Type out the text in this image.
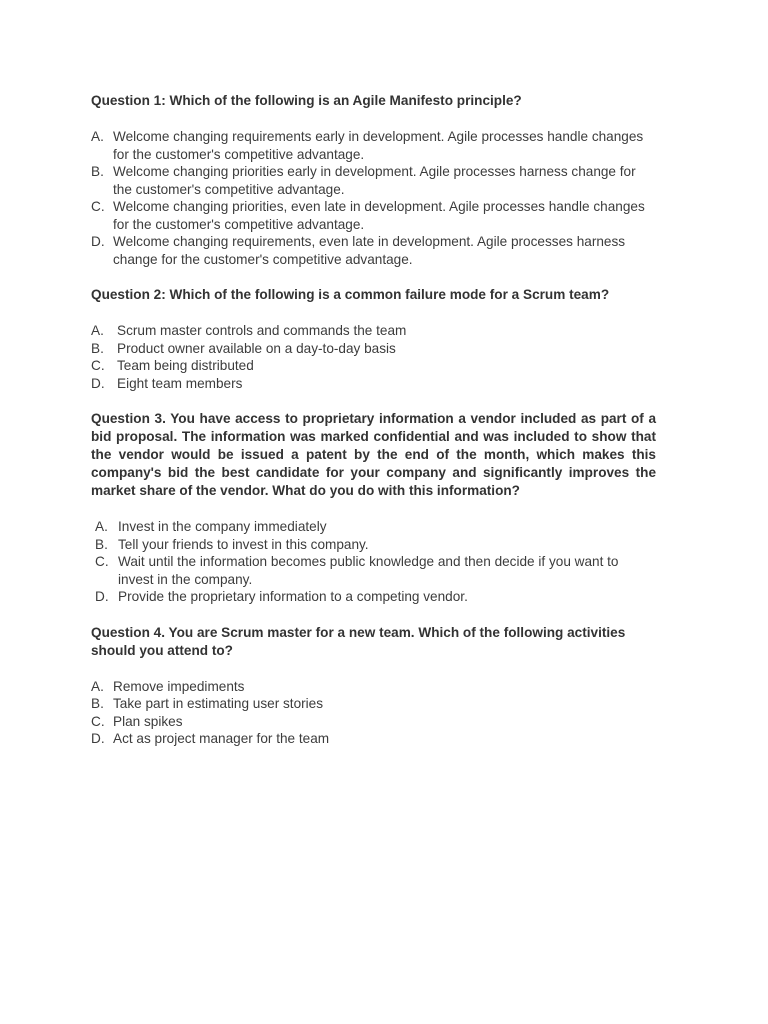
Question 1: Which of the following is an Agile Manifesto principle?
A. Welcome changing requirements early in development. Agile processes handle changes for the customer's competitive advantage.
B. Welcome changing priorities early in development. Agile processes harness change for the customer's competitive advantage.
C. Welcome changing priorities, even late in development. Agile processes handle changes for the customer's competitive advantage.
D. Welcome changing requirements, even late in development. Agile processes harness change for the customer's competitive advantage.
Question 2: Which of the following is a common failure mode for a Scrum team?
A. Scrum master controls and commands the team
B. Product owner available on a day-to-day basis
C. Team being distributed
D. Eight team members
Question 3. You have access to proprietary information a vendor included as part of a bid proposal. The information was marked confidential and was included to show that the vendor would be issued a patent by the end of the month, which makes this company's bid the best candidate for your company and significantly improves the market share of the vendor. What do you do with this information?
A. Invest in the company immediately
B. Tell your friends to invest in this company.
C. Wait until the information becomes public knowledge and then decide if you want to invest in the company.
D. Provide the proprietary information to a competing vendor.
Question 4. You are Scrum master for a new team. Which of the following activities should you attend to?
A. Remove impediments
B. Take part in estimating user stories
C. Plan spikes
D. Act as project manager for the team
